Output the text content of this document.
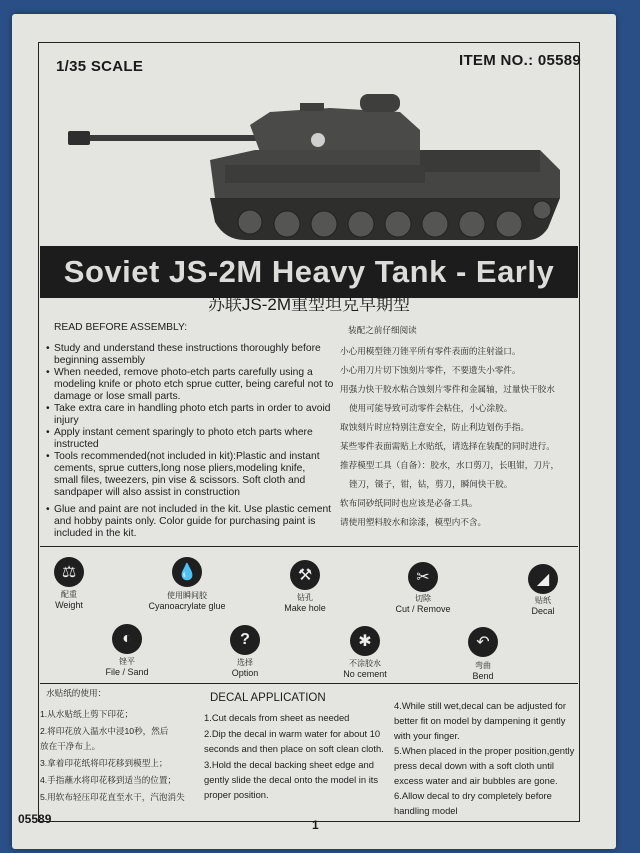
1/35 SCALE	ITEM NO.: 05589
Soviet JS-2M Heavy Tank - Early
苏联JS-2M重型坦克早期型
READ BEFORE ASSEMBLY:
• Study and understand these instructions thoroughly before
beginning assembly
• When needed, remove photo-etch parts carefully using a
modeling knife or photo etch sprue cutter, being careful not to
damage or lose small parts.
• Take extra care in handling photo etch parts in order to avoid
injury
• Apply instant cement sparingly to photo etch parts where
instructed
• Tools recommended(not included in kit):Plastic and instant
cements, sprue cutters,long nose pliers,modeling knife,
small files, tweezers, pin vise & scissors. Soft cloth and
sandpaper will also assist in construction
• Glue and paint are not included in the kit. Use plastic cement
and hobby paints only. Color guide for purchasing paint is
included in the kit.
装配之前仔细阅读
小心用模型锉刀锉平所有零件表面的注射溢口。
小心用刀片切下蚀刻片零件，不要遗失小零件。
用强力快干胶水粘合蚀刻片零件和金属轴，过量快干胶水
使用可能导致可动零件会粘住，小心涂胶。
取蚀刻片时应特别注意安全，防止利边划伤手指。
某些零件表面需贴上水贴纸，请选择在装配的同时进行。
推荐模型工具（自备）：胶水，水口剪刀，长咀钳，刀片，
锉刀，镊子，钳，钻，剪刀，瞬间快干胶。
软布同砂纸同时也应该是必备工具。
请使用塑料胶水和涂漆，模型内不含。
⚖
配重
Weight
💧
使用瞬间胶
Cyanoacrylate glue
⚒
钻孔
Make hole
✂
切除
Cut / Remove
◢
贴纸
Decal
◐
锉平
File / Sand
?
选择
Option
✱
不涂胶水
No cement
↶
弯曲
Bend
水贴纸的使用：
1.从水贴纸上剪下印花；
2.将印花放入温水中浸10秒，然后
放在干净布上。
3.拿着印花纸将印花移到模型上；
4.手指蘸水将印花移到适当的位置；
5.用软布轻压印花直至水干，汽泡消失
DECAL APPLICATION
1.Cut decals from sheet as needed
2.Dip the decal in warm water for about 10
seconds and then place on soft clean cloth.
3.Hold the decal backing sheet edge and
gently slide the decal onto the model in its
proper position.
4.While still wet,decal can be adjusted for
better fit on model by dampening it gently
with your finger.
5.When placed in the proper position,gently
press decal down with a soft cloth until
excess water and air bubbles are gone.
6.Allow decal to dry completely before
handling model
05589	1
